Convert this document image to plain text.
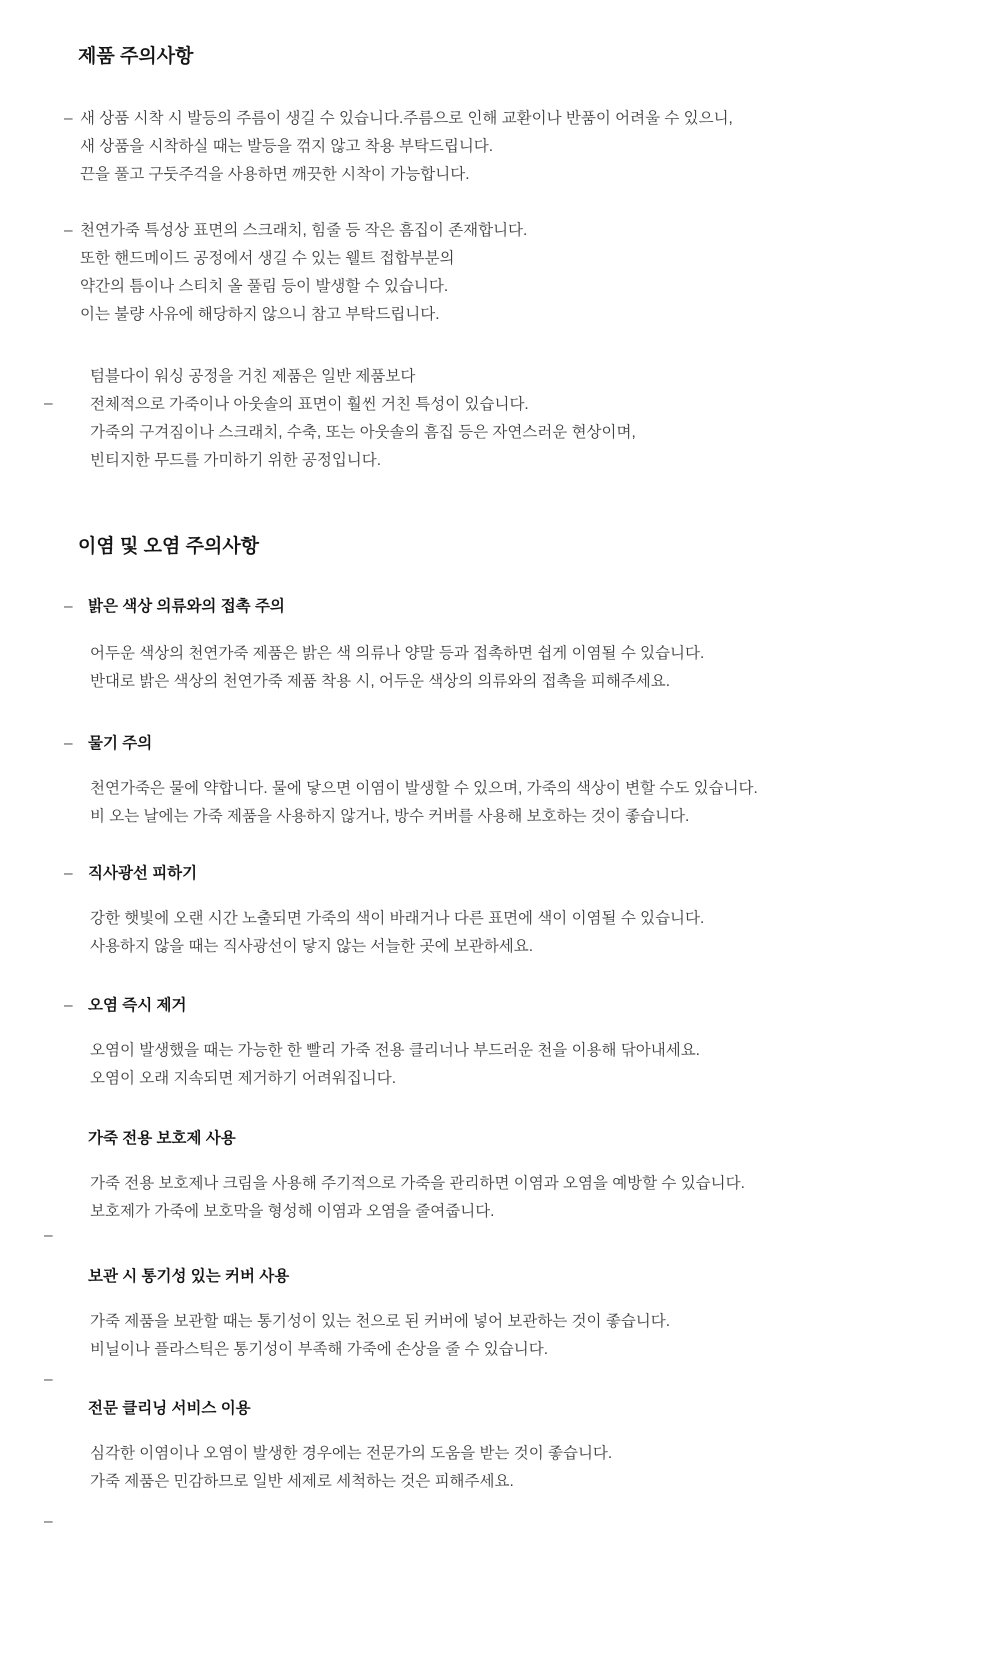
제품 주의사항
– 새 상품 시착 시 발등의 주름이 생길 수 있습니다.주름으로 인해 교환이나 반품이 어려울 수 있으니,
새 상품을 시착하실 때는 발등을 꺾지 않고 착용 부탁드립니다.
끈을 풀고 구둣주걱을 사용하면 깨끗한 시착이 가능합니다.
– 천연가죽 특성상 표면의 스크래치, 힘줄 등 작은 흠집이 존재합니다.
또한 핸드메이드 공정에서 생길 수 있는 웰트 접합부분의
약간의 틈이나 스티치 올 풀림 등이 발생할 수 있습니다.
이는 불량 사유에 해당하지 않으니 참고 부탁드립니다.
–
텀블다이 워싱 공정을 거친 제품은 일반 제품보다
전체적으로 가죽이나 아웃솔의 표면이 훨씬 거친 특성이 있습니다.
가죽의 구겨짐이나 스크래치, 수축, 또는 아웃솔의 흠집 등은 자연스러운 현상이며,
빈티지한 무드를 가미하기 위한 공정입니다.
이염 및 오염 주의사항
– 밝은 색상 의류와의 접촉 주의
어두운 색상의 천연가죽 제품은 밝은 색 의류나 양말 등과 접촉하면 쉽게 이염될 수 있습니다.
반대로 밝은 색상의 천연가죽 제품 착용 시, 어두운 색상의 의류와의 접촉을 피해주세요.
– 물기 주의
천연가죽은 물에 약합니다. 물에 닿으면 이염이 발생할 수 있으며, 가죽의 색상이 변할 수도 있습니다.
비 오는 날에는 가죽 제품을 사용하지 않거나, 방수 커버를 사용해 보호하는 것이 좋습니다.
– 직사광선 피하기
강한 햇빛에 오랜 시간 노출되면 가죽의 색이 바래거나 다른 표면에 색이 이염될 수 있습니다.
사용하지 않을 때는 직사광선이 닿지 않는 서늘한 곳에 보관하세요.
– 오염 즉시 제거
오염이 발생했을 때는 가능한 한 빨리 가죽 전용 클리너나 부드러운 천을 이용해 닦아내세요.
오염이 오래 지속되면 제거하기 어려워집니다.
가죽 전용 보호제 사용
가죽 전용 보호제나 크림을 사용해 주기적으로 가죽을 관리하면 이염과 오염을 예방할 수 있습니다.
보호제가 가죽에 보호막을 형성해 이염과 오염을 줄여줍니다.
–
보관 시 통기성 있는 커버 사용
가죽 제품을 보관할 때는 통기성이 있는 천으로 된 커버에 넣어 보관하는 것이 좋습니다.
비닐이나 플라스틱은 통기성이 부족해 가죽에 손상을 줄 수 있습니다.
–
전문 클리닝 서비스 이용
심각한 이염이나 오염이 발생한 경우에는 전문가의 도움을 받는 것이 좋습니다.
가죽 제품은 민감하므로 일반 세제로 세척하는 것은 피해주세요.
–
